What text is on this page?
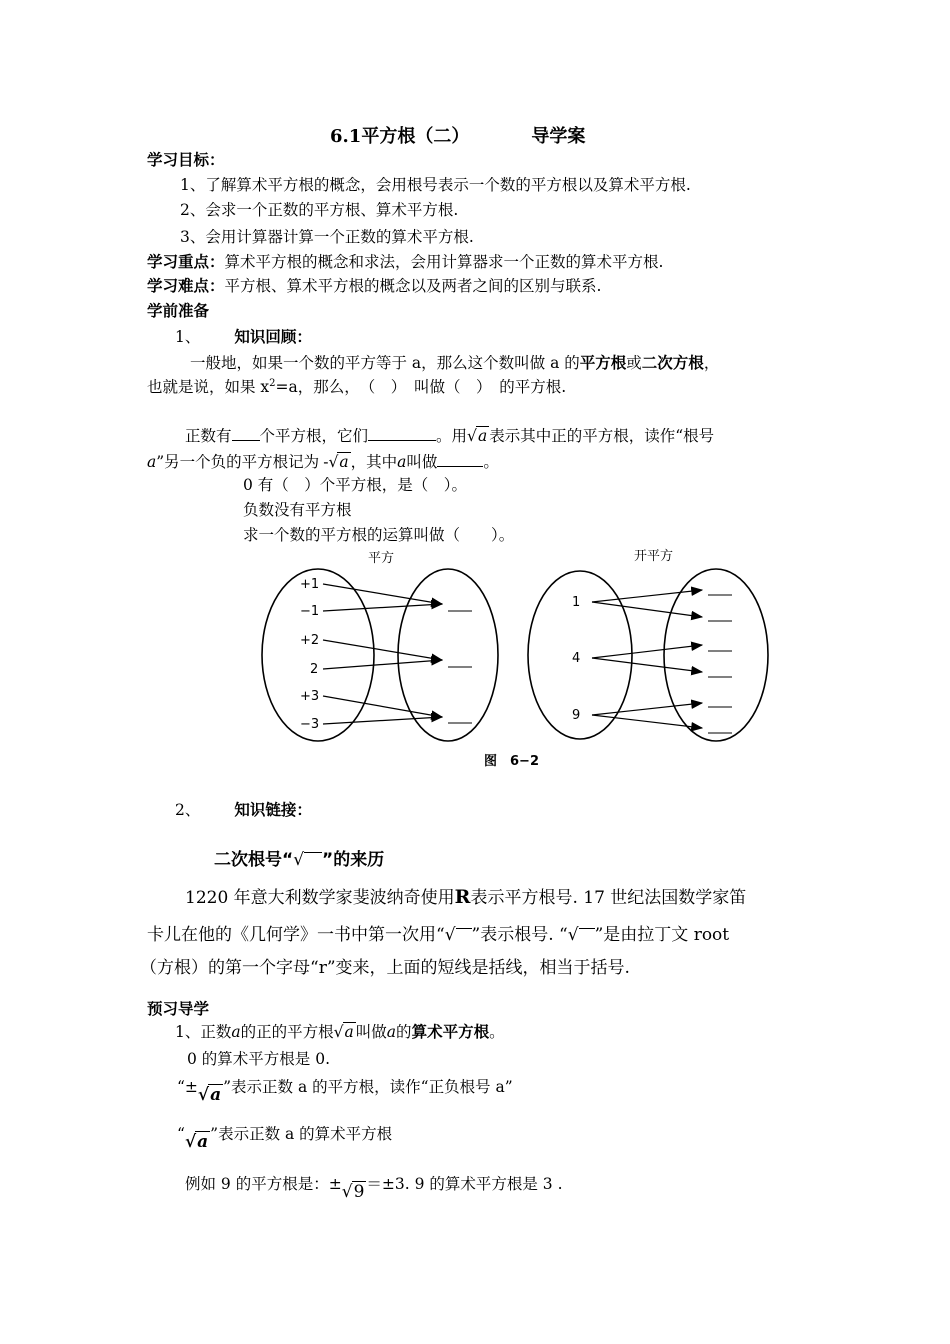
6.1平方根（二）	导学案
学习目标：
1、了解算术平方根的概念，会用根号表示一个数的平方根以及算术平方根.
2、会求一个正数的平方根、算术平方根.
3、会用计算器计算一个正数的算术平方根.
学习重点：算术平方根的概念和求法，会用计算器求一个正数的算术平方根.
学习难点：平方根、算术平方根的概念以及两者之间的区别与联系.
学前准备
1、 知识回顾：
一般地，如果一个数的平方等于 a，那么这个数叫做 a 的平方根或二次方根，
也就是说，如果 $x^2=a$，那么，　（　）　叫做（　）　的平方根.
正数有 个平方根，它们	。用√a 表示其中正的平方根，读作“根号
a”另一个负的平方根记为 -√a ，其中a叫做	。
0 有（　）个平方根，是（　）。
负数没有平方根
求一个数的平方根的运算叫做（　　）。
平方	开平方
+1
−1
+2
2
+3
−3
1
4
9
图　6−2
2、 知识链接：
二次根号“√ ”的来历
1220 年意大利数学家斐波纳奇使用R表示平方根号. 17 世纪法国数学家笛
卡儿在他的《几何学》一书中第一次用“√ ”表示根号. “√ ”是由拉丁文 root
（方根）的第一个字母“r”变来，上面的短线是括线，相当于括号.
预习导学
1、正数a的正的平方根√a 叫做a的算术平方根。
0 的算术平方根是 0.
“±√a ”表示正数 a 的平方根，读作“正负根号 a”
“√a ”表示正数 a 的算术平方根
例如 9 的平方根是：±√9 ＝±3. 9 的算术平方根是 3 .
